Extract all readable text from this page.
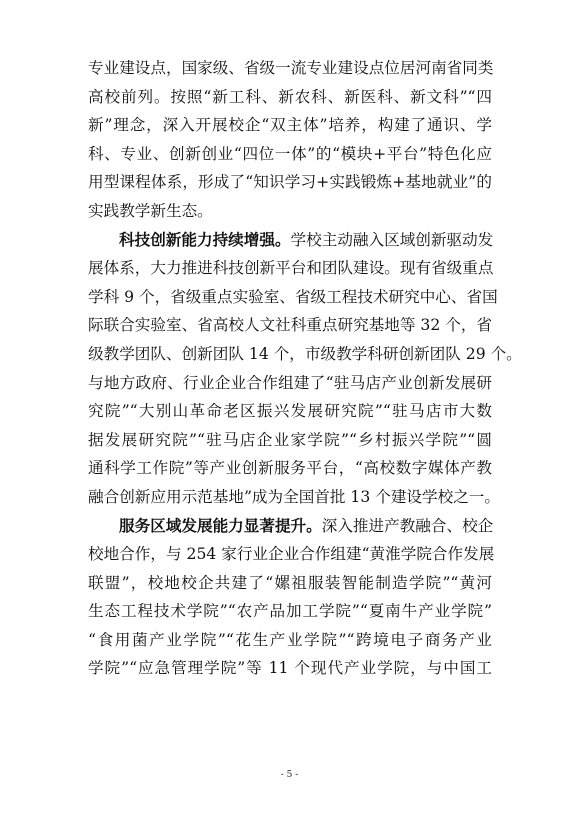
专业建设点，国家级、省级一流专业建设点位居河南省同类
高校前列。按照“新工科、新农科、新医科、新文科”“四
新”理念，深入开展校企“双主体”培养，构建了通识、学
科、专业、创新创业“四位一体”的“模块+平台”特色化应
用型课程体系，形成了“知识学习+实践锻炼+基地就业”的
实践教学新生态。
科技创新能力持续增强。学校主动融入区域创新驱动发
展体系，大力推进科技创新平台和团队建设。现有省级重点
学科 9 个，省级重点实验室、省级工程技术研究中心、省国
际联合实验室、省高校人文社科重点研究基地等 32 个，省
级教学团队、创新团队 14 个，市级教学科研创新团队 29 个。
与地方政府、行业企业合作组建了“驻马店产业创新发展研
究院”“大别山革命老区振兴发展研究院”“驻马店市大数
据发展研究院”“驻马店企业家学院”“乡村振兴学院”“圆
通科学工作院”等产业创新服务平台，“高校数字媒体产教
融合创新应用示范基地”成为全国首批 13 个建设学校之一。
服务区域发展能力显著提升。深入推进产教融合、校企
校地合作，与 254 家行业企业合作组建“黄淮学院合作发展
联盟”，校地校企共建了“嫘祖服装智能制造学院”“黄河
生态工程技术学院”“农产品加工学院”“夏南牛产业学院”
“食用菌产业学院”“花生产业学院”“跨境电子商务产业
学院”“应急管理学院”等 11 个现代产业学院，与中国工
- 5 -
